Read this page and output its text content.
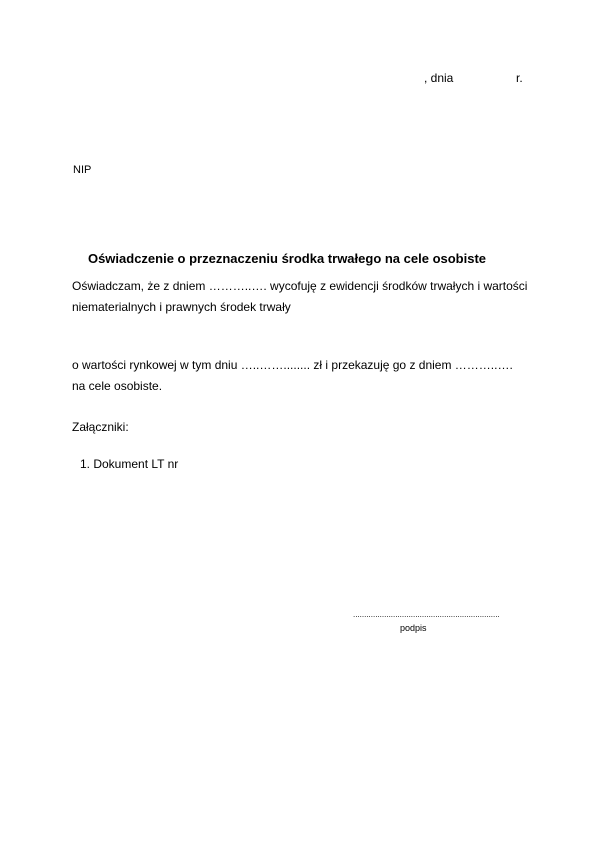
, dnia	r.
NIP
Oświadczenie o przeznaczeniu środka trwałego na cele osobiste
Oświadczam, że z dniem ………..…. wycofuję z ewidencji środków trwałych i wartości
niematerialnych i prawnych środek trwały
o wartości rynkowej w tym dniu …..……........ zł i przekazuję go z dniem ………..….
na cele osobiste.
Załączniki:
1. Dokument LT nr
..................................................................
podpis
